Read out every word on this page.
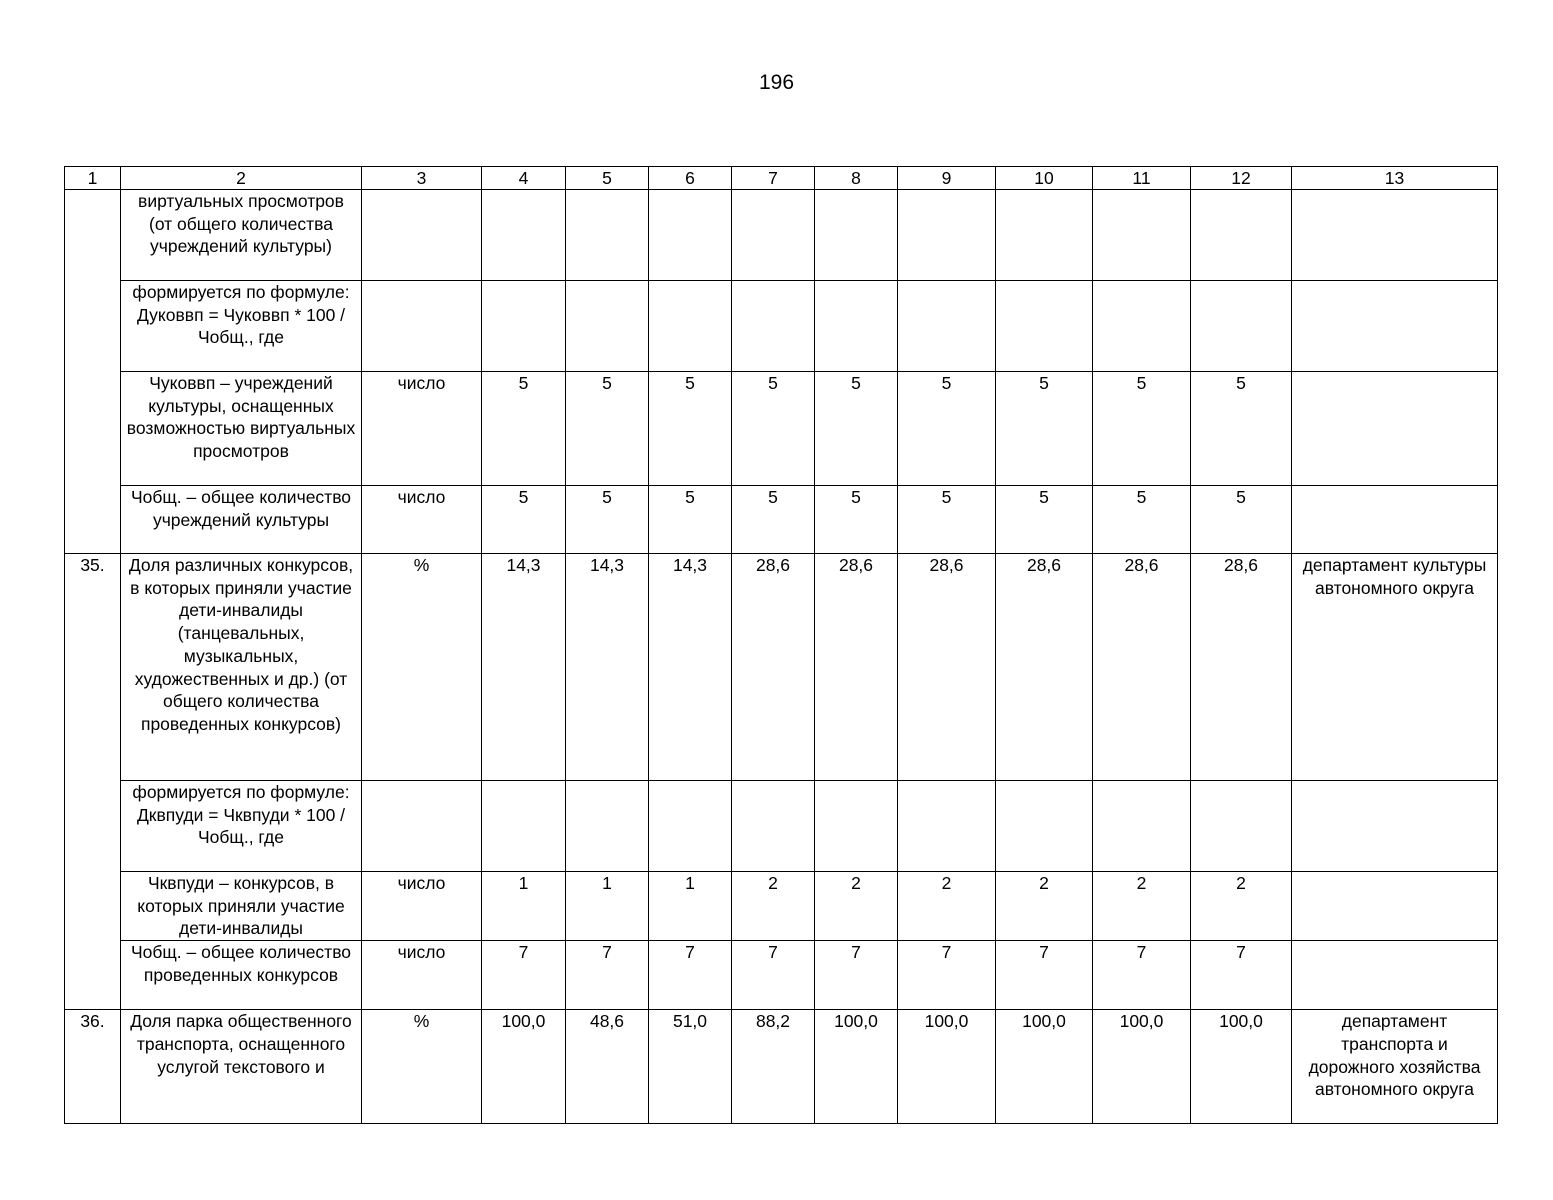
196
1	2	3	4	5	6	7	8	9	10	11	12	13
	виртуальных просмотров (от общего количества учреждений культуры)											
	формируется по формуле: Дуковвп = Чуковвп * 100 / Чобщ., где											
	Чуковвп – учреждений культуры, оснащенных возможностью виртуальных просмотров	число	5	5	5	5	5	5	5	5	5	
	Чобщ. – общее количество учреждений культуры	число	5	5	5	5	5	5	5	5	5	
35.	Доля различных конкурсов, в которых приняли участие дети-инвалиды (танцевальных, музыкальных, художественных и др.) (от общего количества проведенных конкурсов)	%	14,3	14,3	14,3	28,6	28,6	28,6	28,6	28,6	28,6	департамент культуры автономного округа
	формируется по формуле: Дквпуди = Чквпуди * 100 / Чобщ., где											
	Чквпуди – конкурсов, в которых приняли участие дети-инвалиды	число	1	1	1	2	2	2	2	2	2	
	Чобщ. – общее количество проведенных конкурсов	число	7	7	7	7	7	7	7	7	7	
36.	Доля парка общественного транспорта, оснащенного услугой текстового и	%	100,0	48,6	51,0	88,2	100,0	100,0	100,0	100,0	100,0	департамент транспорта и дорожного хозяйства автономного округа
